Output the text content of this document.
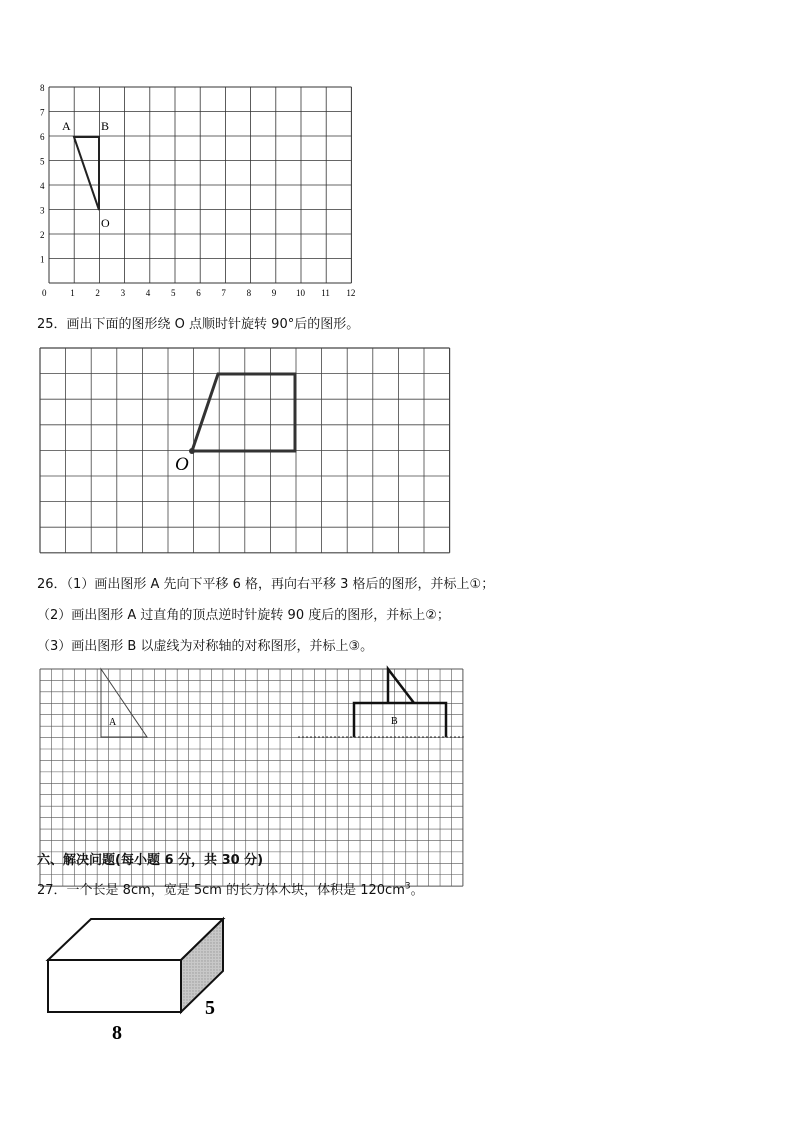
8
7
6
5
4
3
2
1
0	1 2 3 4 5 6 7 8 9 10 11 12
A	B
O
25．画出下面的图形绕 O 点顺时针旋转 90°后的图形。
O
26．（1）画出图形 A 先向下平移 6 格，再向右平移 3 格后的图形，并标上①；
（2）画出图形 A 过直角的顶点逆时针旋转 90 度后的图形，并标上②；
（3）画出图形 B 以虚线为对称轴的对称图形，并标上③。
A	B
六、解决问题(每小题 6 分，共 30 分)
27．一个长是 8cm，宽是 5cm 的长方体木块，体积是 $120cm^3$。
8
5
